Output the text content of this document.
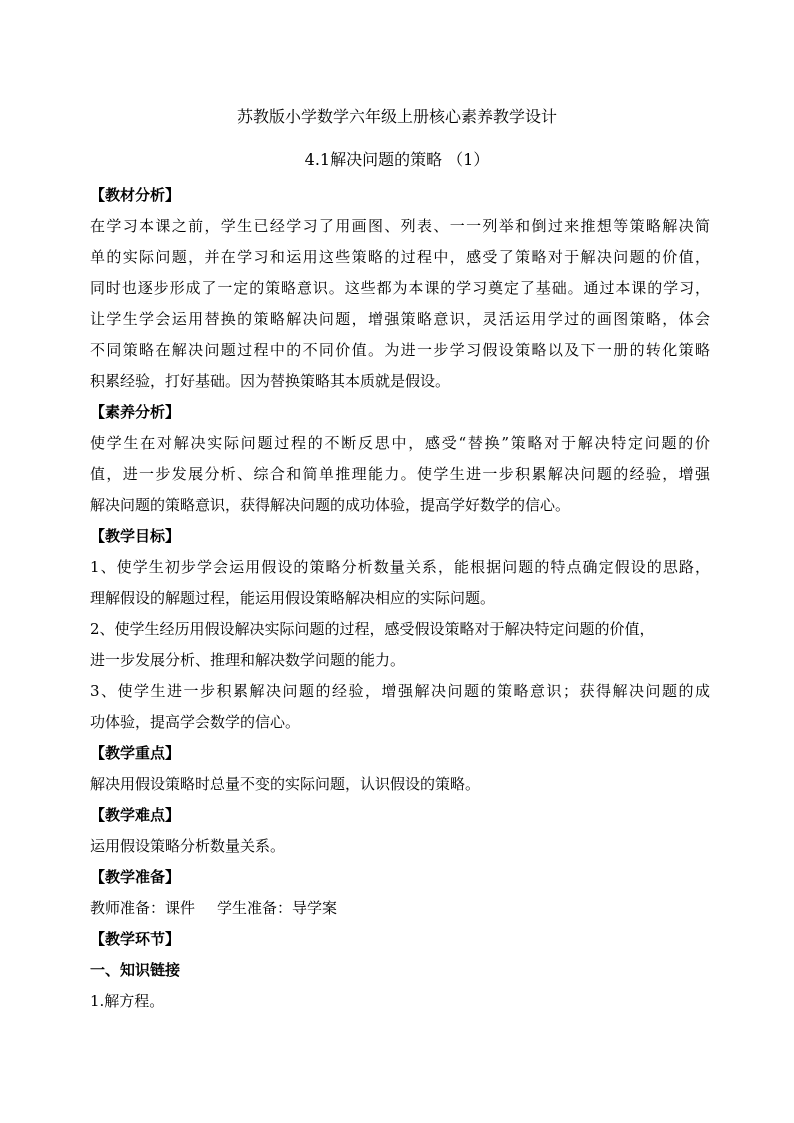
苏教版小学数学六年级上册核心素养教学设计
4.1解决问题的策略 （1）
【教材分析】
在学习本课之前，学生已经学习了用画图、列表、一一列举和倒过来推想等策略解决简
单的实际问题，并在学习和运用这些策略的过程中，感受了策略对于解决问题的价值，
同时也逐步形成了一定的策略意识。这些都为本课的学习奠定了基础。通过本课的学习，
让学生学会运用替换的策略解决问题，增强策略意识，灵活运用学过的画图策略，体会
不同策略在解决问题过程中的不同价值。为进一步学习假设策略以及下一册的转化策略
积累经验，打好基础。因为替换策略其本质就是假设。
【素养分析】
使学生在对解决实际问题过程的不断反思中，感受“替换”策略对于解决特定问题的价
值，进一步发展分析、综合和简单推理能力。使学生进一步积累解决问题的经验，增强
解决问题的策略意识，获得解决问题的成功体验，提高学好数学的信心。
【教学目标】
1、使学生初步学会运用假设的策略分析数量关系，能根据问题的特点确定假设的思路，
理解假设的解题过程，能运用假设策略解决相应的实际问题。
2、使学生经历用假设解决实际问题的过程，感受假设策略对于解决特定问题的价值，
进一步发展分析、推理和解决数学问题的能力。
3、使学生进一步积累解决问题的经验，增强解决问题的策略意识；获得解决问题的成
功体验，提高学会数学的信心。
【教学重点】
解决用假设策略时总量不变的实际问题，认识假设的策略。
【教学难点】
运用假设策略分析数量关系。
【教学准备】
教师准备：课件 学生准备：导学案
【教学环节】
一、知识链接
1.解方程。
